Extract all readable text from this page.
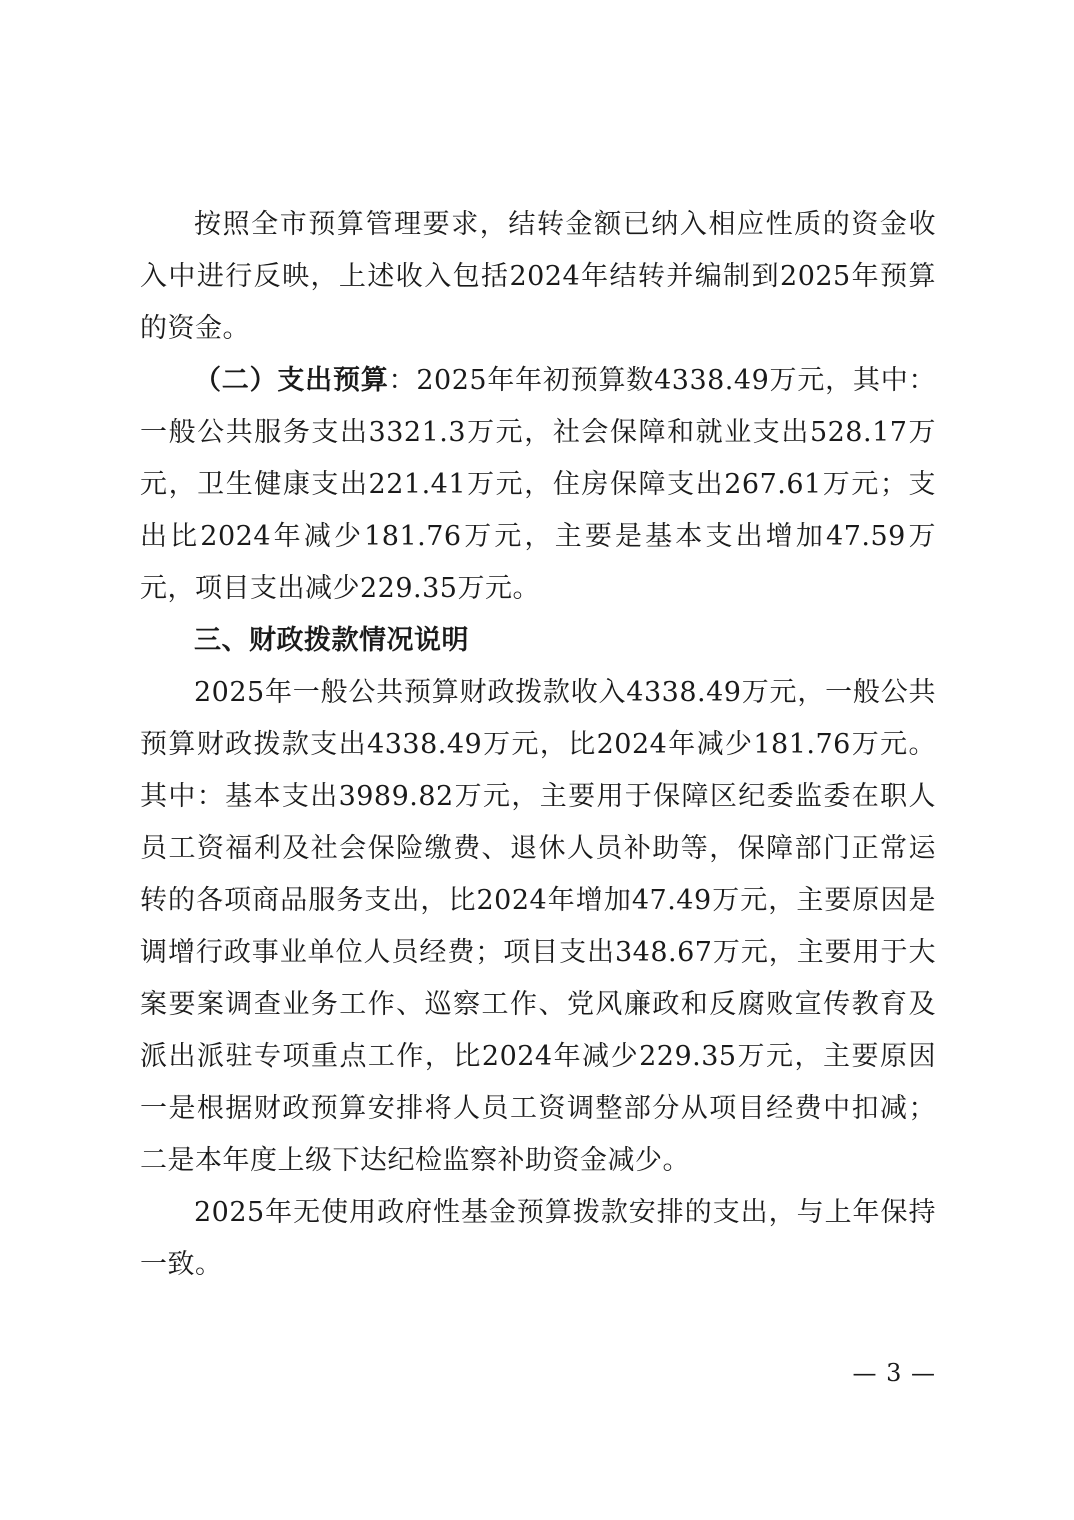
按照全市预算管理要求，结转金额已纳入相应性质的资金收入中进行反映，上述收入包括2024年结转并编制到2025年预算的资金。

（二）支出预算：2025年年初预算数4338.49万元，其中：一般公共服务支出3321.3万元，社会保障和就业支出528.17万元，卫生健康支出221.41万元，住房保障支出267.61万元；支出比2024年减少181.76万元，主要是基本支出增加47.59万元，项目支出减少229.35万元。

三、财政拨款情况说明

2025年一般公共预算财政拨款收入4338.49万元，一般公共预算财政拨款支出4338.49万元，比2024年减少181.76万元。其中：基本支出3989.82万元，主要用于保障区纪委监委在职人员工资福利及社会保险缴费、退休人员补助等，保障部门正常运转的各项商品服务支出，比2024年增加47.49万元，主要原因是调增行政事业单位人员经费；项目支出348.67万元，主要用于大案要案调查业务工作、巡察工作、党风廉政和反腐败宣传教育及派出派驻专项重点工作，比2024年减少229.35万元，主要原因一是根据财政预算安排将人员工资调整部分从项目经费中扣减；二是本年度上级下达纪检监察补助资金减少。

2025年无使用政府性基金预算拨款安排的支出，与上年保持一致。

— 3 —
